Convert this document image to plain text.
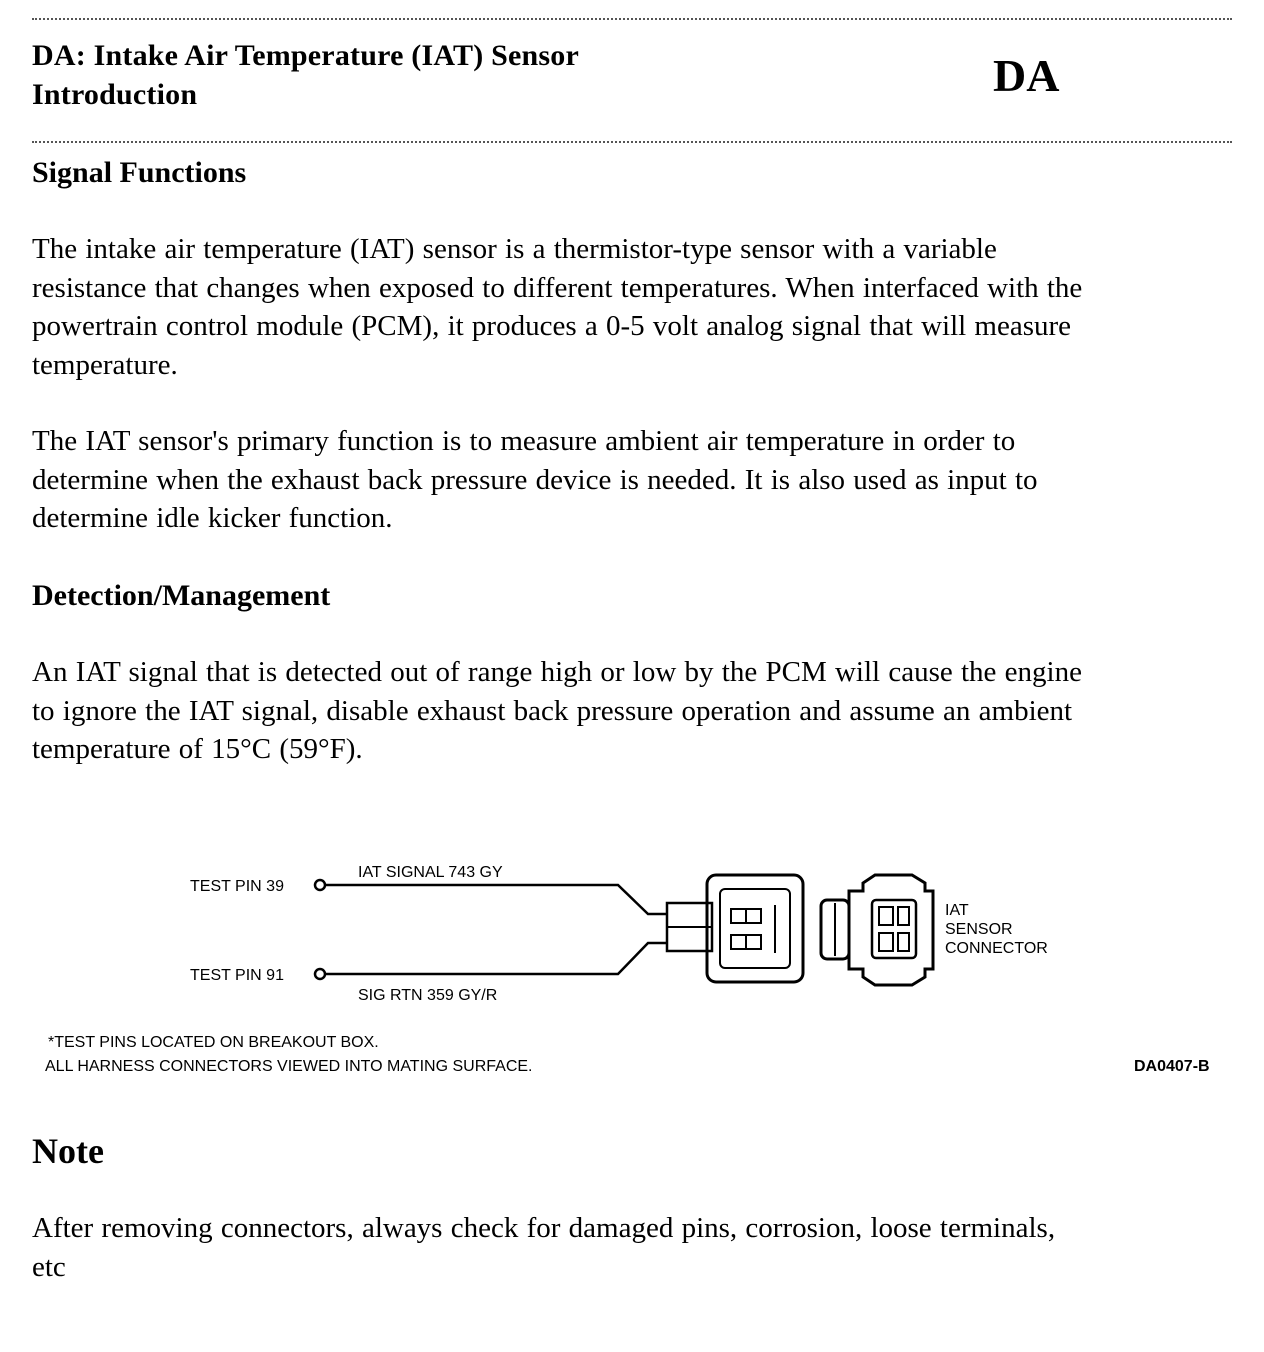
DA: Intake Air Temperature (IAT) Sensor
Introduction	DA
Signal Functions
The intake air temperature (IAT) sensor is a thermistor-type sensor with a variable
resistance that changes when exposed to different temperatures. When interfaced with the
powertrain control module (PCM), it produces a 0-5 volt analog signal that will measure
temperature.
The IAT sensor's primary function is to measure ambient air temperature in order to
determine when the exhaust back pressure device is needed. It is also used as input to
determine idle kicker function.
Detection/Management
An IAT signal that is detected out of range high or low by the PCM will cause the engine
to ignore the IAT signal, disable exhaust back pressure operation and assume an ambient
temperature of 15°C (59°F).
TEST PIN 39
TEST PIN 91
IAT SIGNAL 743 GY
SIG RTN 359 GY/R
IAT
SENSOR
CONNECTOR
*TEST PINS LOCATED ON BREAKOUT BOX.
ALL HARNESS CONNECTORS VIEWED INTO MATING SURFACE.	DA0407-B
Note
After removing connectors, always check for damaged pins, corrosion, loose terminals,
etc
